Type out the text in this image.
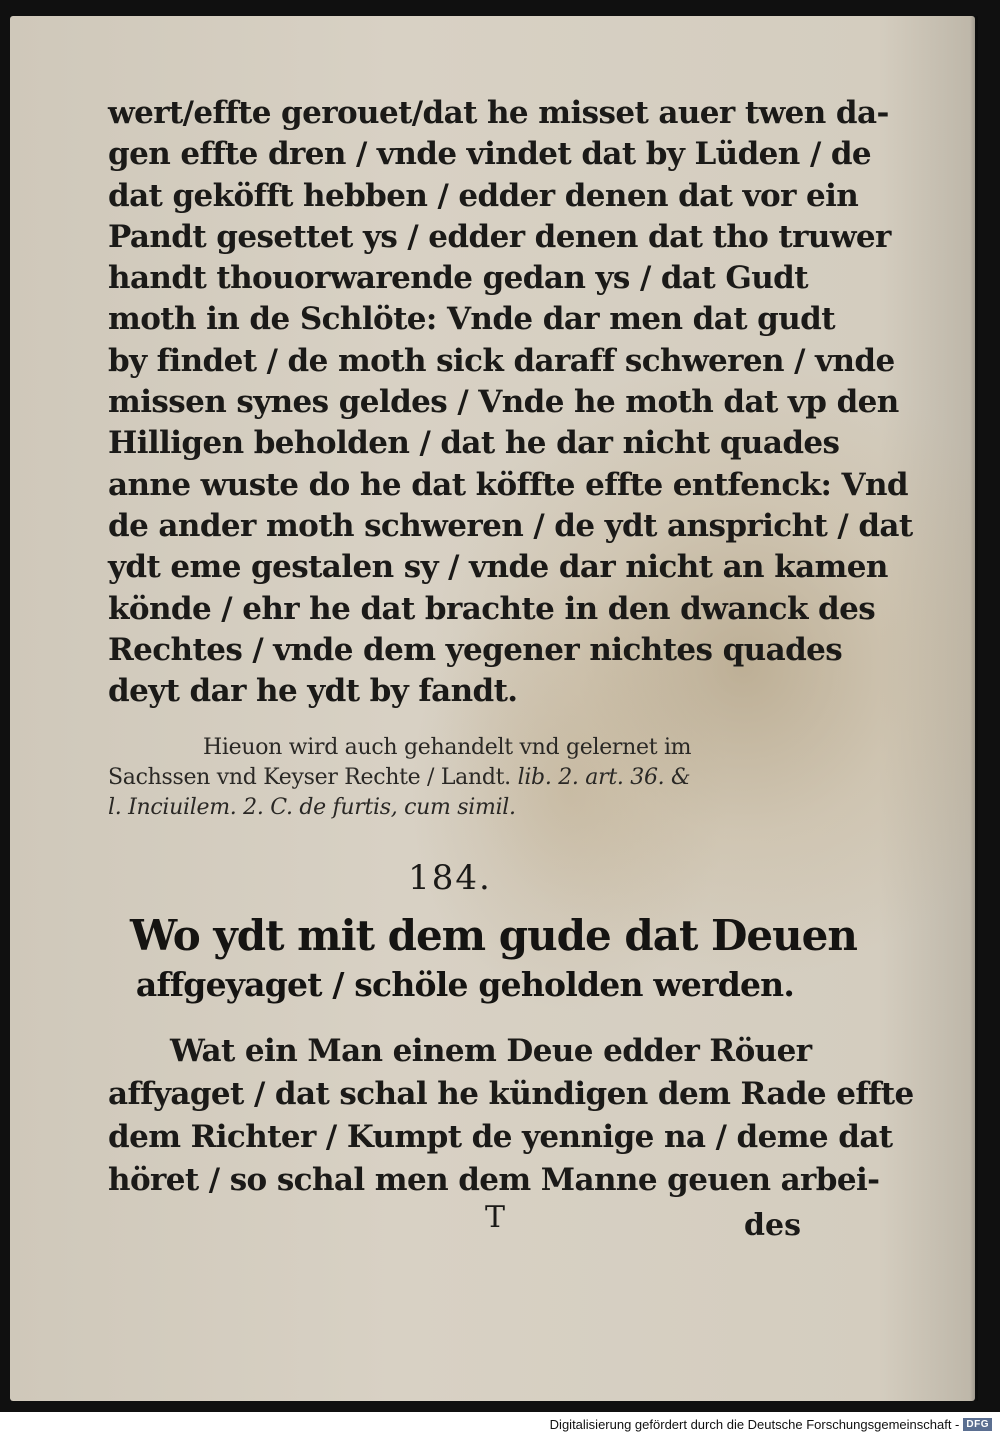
wert/effte gerouet/dat he misset auer twen da-
gen effte dren / vnde vindet dat by Lüden / de
dat geköfft hebben / edder denen dat vor ein
Pandt gesettet ys / edder denen dat tho truwer
handt thouorwarende gedan ys / dat Gudt
moth in de Schlöte: Vnde dar men dat gudt
by findet / de moth sick daraff schweren / vnde
missen synes geldes / Vnde he moth dat vp den
Hilligen beholden / dat he dar nicht quades
anne wuste do he dat köffte effte entfenck: Vnd
de ander moth schweren / de ydt anspricht / dat
ydt eme gestalen sy / vnde dar nicht an kamen
könde / ehr he dat brachte in den dwanck des
Rechtes / vnde dem yegener nichtes quades
deyt dar he ydt by fandt.
Hieuon wird auch gehandelt vnd gelernet im
Sachssen vnd Keyser Rechte / Landt. lib. 2. art. 36. &
l. Inciuilem. 2. C. de furtis, cum simil.
184.
Wo ydt mit dem gude dat Deuen
affgeyaget / schöle geholden werden.
Wat ein Man einem Deue edder Röuer
affyaget / dat schal he kündigen dem Rade effte
dem Richter / Kumpt de yennige na / deme dat
höret / so schal men dem Manne geuen arbei-
T	des
Digitalisierung gefördert durch die Deutsche Forschungsgemeinschaft - DFG
